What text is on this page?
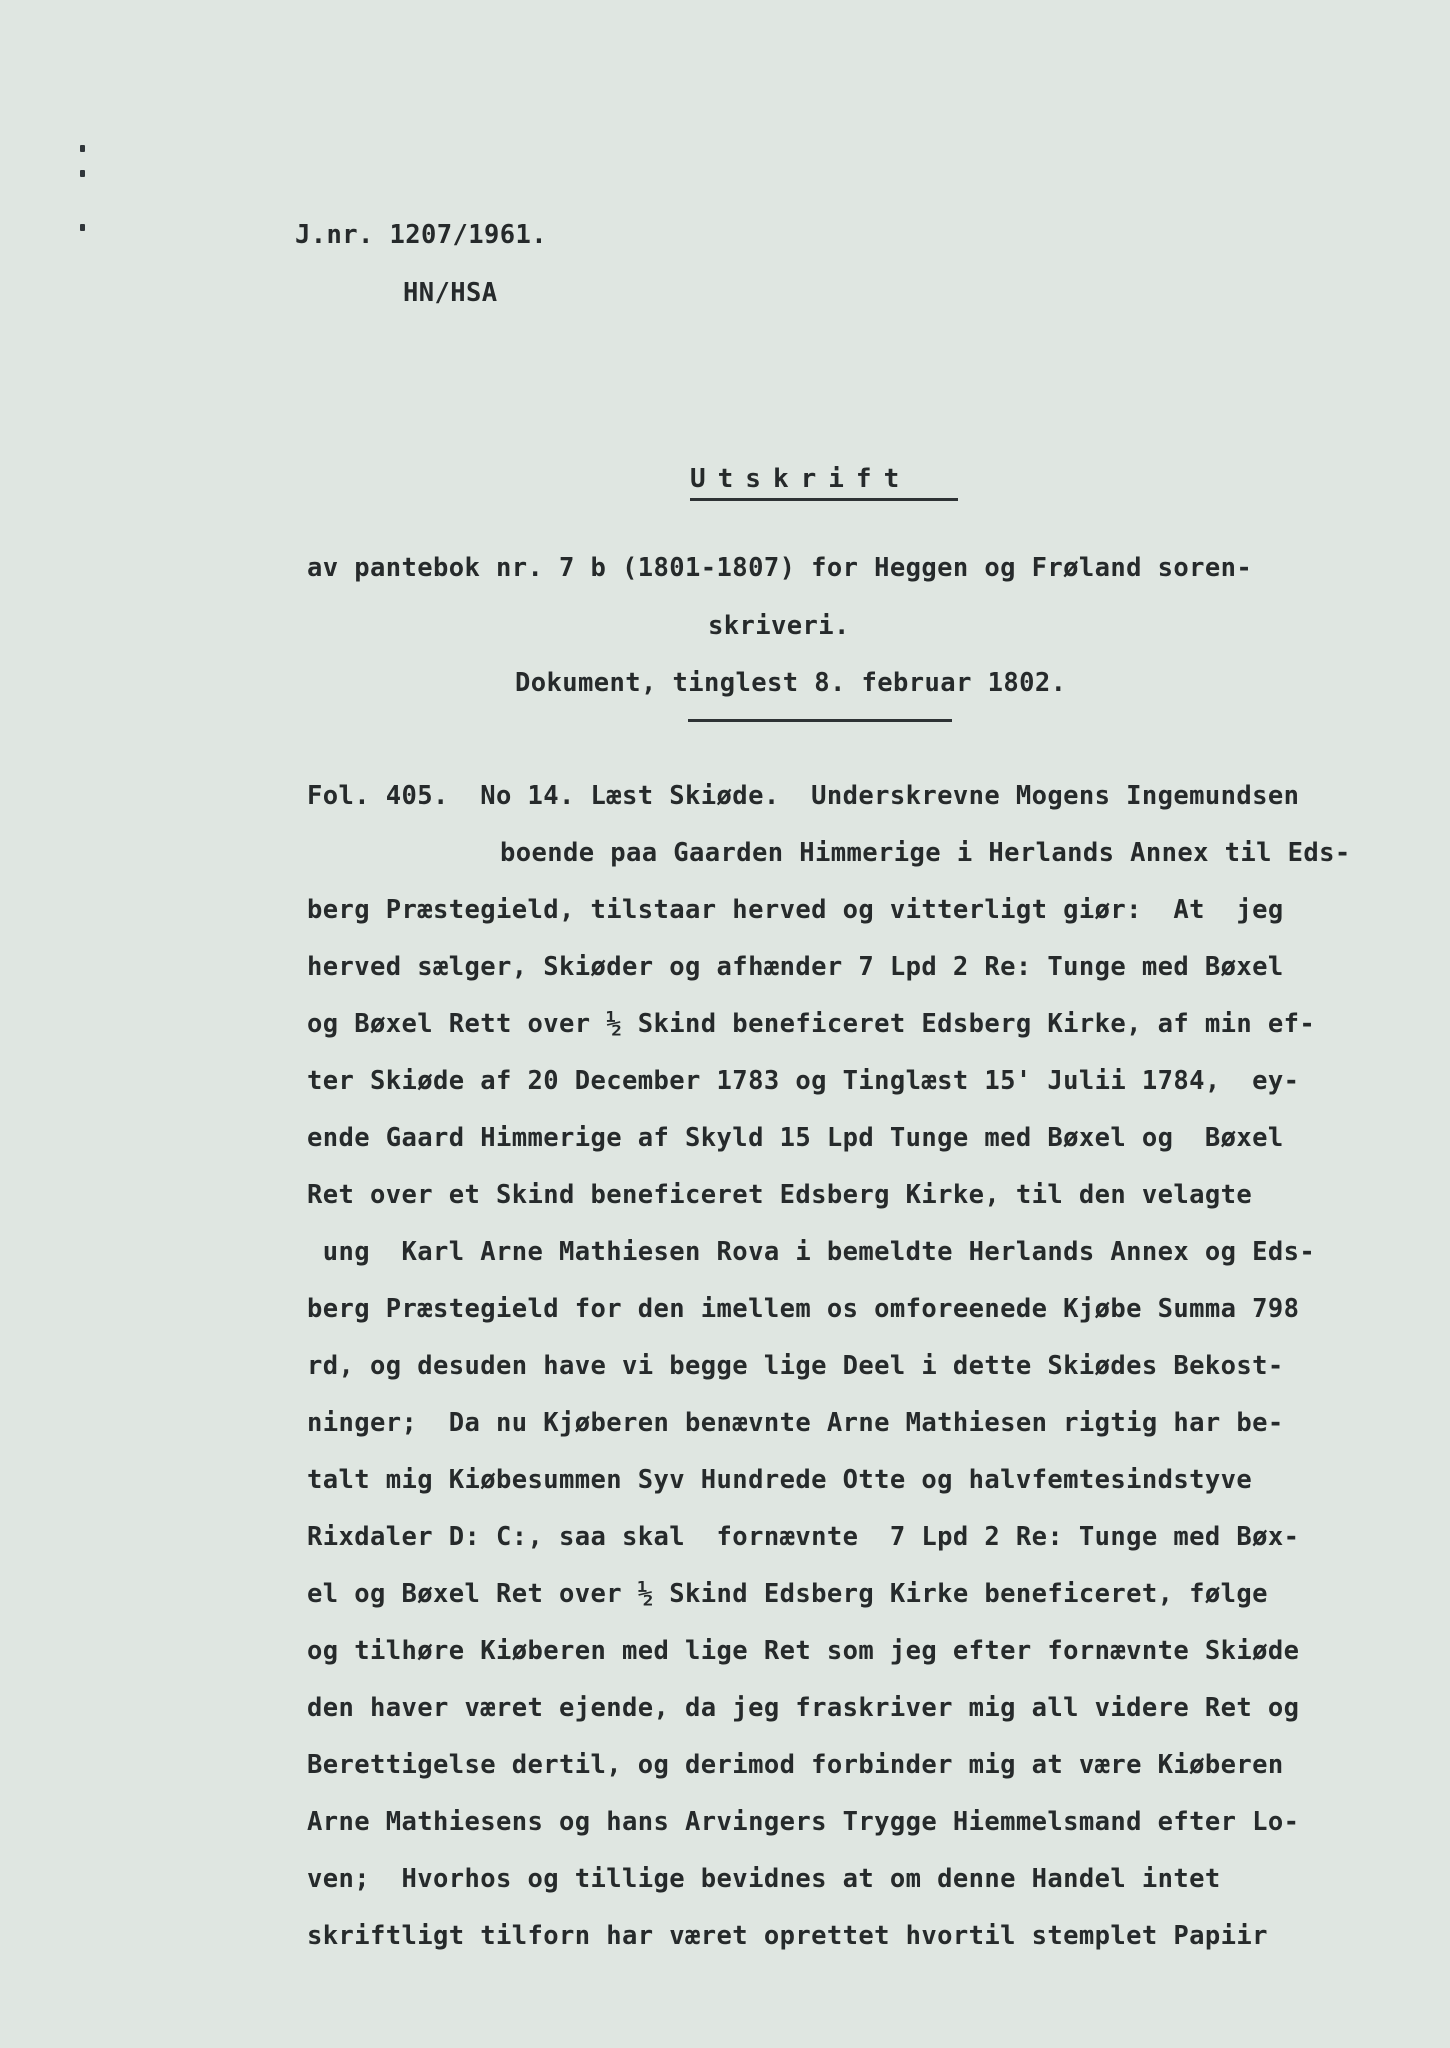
J.nr. 1207/1961.
HN/HSA
Utskrift
av pantebok nr. 7 b (1801-1807) for Heggen og Frøland soren-
skriveri.
Dokument, tinglest 8. februar 1802.
Fol. 405.  No 14. Læst Skiøde.  Underskrevne Mogens Ingemundsen
boende paa Gaarden Himmerige i Herlands Annex til Eds-
berg Præstegield, tilstaar herved og vitterligt giør:  At  jeg
herved sælger, Skiøder og afhænder 7 Lpd 2 Re: Tunge med Bøxel
og Bøxel Rett over ½ Skind beneficeret Edsberg Kirke, af min ef-
ter Skiøde af 20 December 1783 og Tinglæst 15' Julii 1784,  ey-
ende Gaard Himmerige af Skyld 15 Lpd Tunge med Bøxel og  Bøxel
Ret over et Skind beneficeret Edsberg Kirke, til den velagte
ung  Karl Arne Mathiesen Rova i bemeldte Herlands Annex og Eds-
berg Præstegield for den imellem os omforeenede Kjøbe Summa 798
rd, og desuden have vi begge lige Deel i dette Skiødes Bekost-
ninger;  Da nu Kjøberen benævnte Arne Mathiesen rigtig har be-
talt mig Kiøbesummen Syv Hundrede Otte og halvfemtesindstyve
Rixdaler D: C:, saa skal  fornævnte  7 Lpd 2 Re: Tunge med Bøx-
el og Bøxel Ret over ½ Skind Edsberg Kirke beneficeret, følge
og tilhøre Kiøberen med lige Ret som jeg efter fornævnte Skiøde
den haver været ejende, da jeg fraskriver mig all videre Ret og
Berettigelse dertil, og derimod forbinder mig at være Kiøberen
Arne Mathiesens og hans Arvingers Trygge Hiemmelsmand efter Lo-
ven;  Hvorhos og tillige bevidnes at om denne Handel intet
skriftligt tilforn har været oprettet hvortil stemplet Papiir
